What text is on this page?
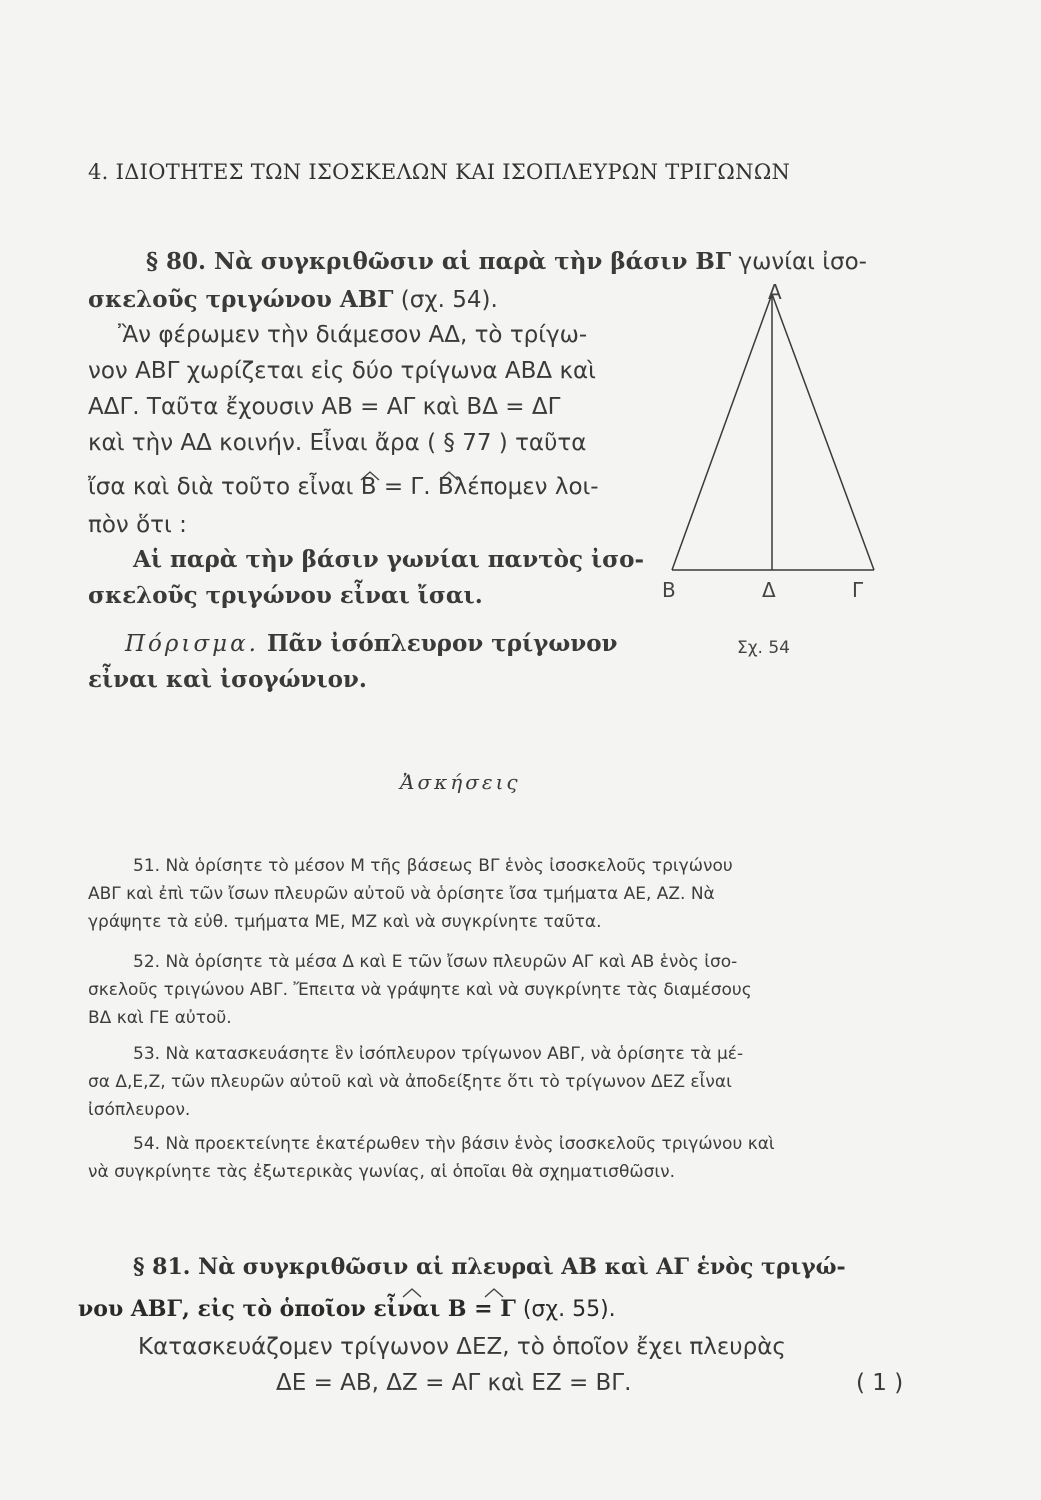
4. ΙΔΙΟΤΗΤΕΣ ΤΩΝ ΙΣΟΣΚΕΛΩΝ ΚΑΙ ΙΣΟΠΛΕΥΡΩΝ ΤΡΙΓΩΝΩΝ
§ 80. Νὰ συγκριθῶσιν αἱ παρὰ τὴν βάσιν ΒΓ γωνίαι ἰσο-
σκελοῦς τριγώνου ΑΒΓ (σχ. 54).
Ἂν φέρωμεν τὴν διάμεσον ΑΔ, τὸ τρίγω-
νον ΑΒΓ χωρίζεται εἰς δύο τρίγωνα ΑΒΔ καὶ
ΑΔΓ. Ταῦτα ἔχουσιν ΑΒ = ΑΓ καὶ ΒΔ = ΔΓ
καὶ τὴν ΑΔ κοινήν. Εἶναι ἄρα ( § 77 ) ταῦτα
ἴσα καὶ διὰ τοῦτο εἶναι Β = Γ. Βλέπομεν λοι-
πὸν ὅτι :
Αἱ παρὰ τὴν βάσιν γωνίαι παντὸς ἰσο-
σκελοῦς τριγώνου εἶναι ἴσαι.
Πόρισμα. Πᾶν ἰσόπλευρον τρίγωνον
εἶναι καὶ ἰσογώνιον.
Α
Β	Δ	Γ
Σχ. 54
Ἀσκήσεις
51. Νὰ ὁρίσητε τὸ μέσον Μ τῆς βάσεως ΒΓ ἑνὸς ἰσοσκελοῦς τριγώνου
ΑΒΓ καὶ ἐπὶ τῶν ἴσων πλευρῶν αὐτοῦ νὰ ὁρίσητε ἴσα τμήματα ΑΕ, ΑΖ. Νὰ
γράψητε τὰ εὐθ. τμήματα ΜΕ, ΜΖ καὶ νὰ συγκρίνητε ταῦτα.
52. Νὰ ὁρίσητε τὰ μέσα Δ καὶ Ε τῶν ἴσων πλευρῶν ΑΓ καὶ ΑΒ ἑνὸς ἰσο-
σκελοῦς τριγώνου ΑΒΓ. Ἔπειτα νὰ γράψητε καὶ νὰ συγκρίνητε τὰς διαμέσους
ΒΔ καὶ ΓΕ αὐτοῦ.
53. Νὰ κατασκευάσητε ἓν ἰσόπλευρον τρίγωνον ΑΒΓ, νὰ ὁρίσητε τὰ μέ-
σα Δ,Ε,Ζ, τῶν πλευρῶν αὐτοῦ καὶ νὰ ἀποδείξητε ὅτι τὸ τρίγωνον ΔΕΖ εἶναι
ἰσόπλευρον.
54. Νὰ προεκτείνητε ἑκατέρωθεν τὴν βάσιν ἑνὸς ἰσοσκελοῦς τριγώνου καὶ
νὰ συγκρίνητε τὰς ἐξωτερικὰς γωνίας, αἱ ὁποῖαι θὰ σχηματισθῶσιν.
§ 81. Νὰ συγκριθῶσιν αἱ πλευραὶ ΑΒ καὶ ΑΓ ἑνὸς τριγώ-
νου ΑΒΓ, εἰς τὸ ὁποῖον εἶναι Β = Γ (σχ. 55).
Κατασκευάζομεν τρίγωνον ΔΕΖ, τὸ ὁποῖον ἔχει πλευρὰς
ΔΕ = ΑΒ, ΔΖ = ΑΓ καὶ ΕΖ = ΒΓ.	( 1 )
